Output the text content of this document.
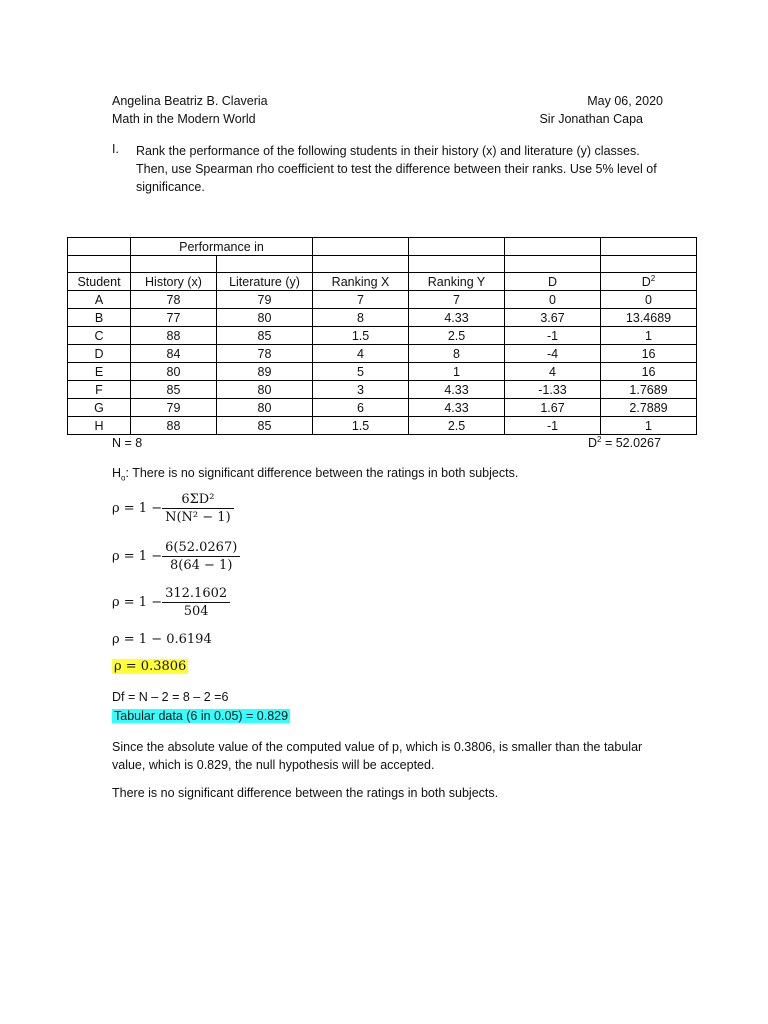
Angelina Beatriz B. Claveria
Math in the Modern World
May 06, 2020
Sir Jonathan Capa
I. Rank the performance of the following students in their history (x) and literature (y) classes.
Then, use Spearman rho coefficient to test the difference between their ranks. Use 5% level of
significance.
	Performance in					

Student	History (x)	Literature (y)	Ranking X	Ranking Y	D	$D^2$
A	78	79	7	7	0	0
B	77	80	8	4.33	3.67	13.4689
C	88	85	1.5	2.5	-1	1
D	84	78	4	8	-4	16
E	80	89	5	1	4	16
F	85	80	3	4.33	-1.33	1.7689
G	79	80	6	4.33	1.67	2.7889
H	88	85	1.5	2.5	-1	1
N = 8	$D^2 = 52.0267$
$H_o$: There is no significant difference between the ratings in both subjects.
$\rho = 1 - \frac{\text{6ΣD²}}{\text{N(N² − 1)}}$
$\rho = 1 - \frac{6(52.0267)}{8(64 - 1)}$
$\rho = 1 - \frac{312.1602}{504}$
ρ = 1 − 0.6194
ρ = 0.3806
Df = N – 2 = 8 – 2 =6
Tabular data (6 in 0.05) = 0.829
Since the absolute value of the computed value of p, which is 0.3806, is smaller than the tabular
value, which is 0.829, the null hypothesis will be accepted.
There is no significant difference between the ratings in both subjects.
